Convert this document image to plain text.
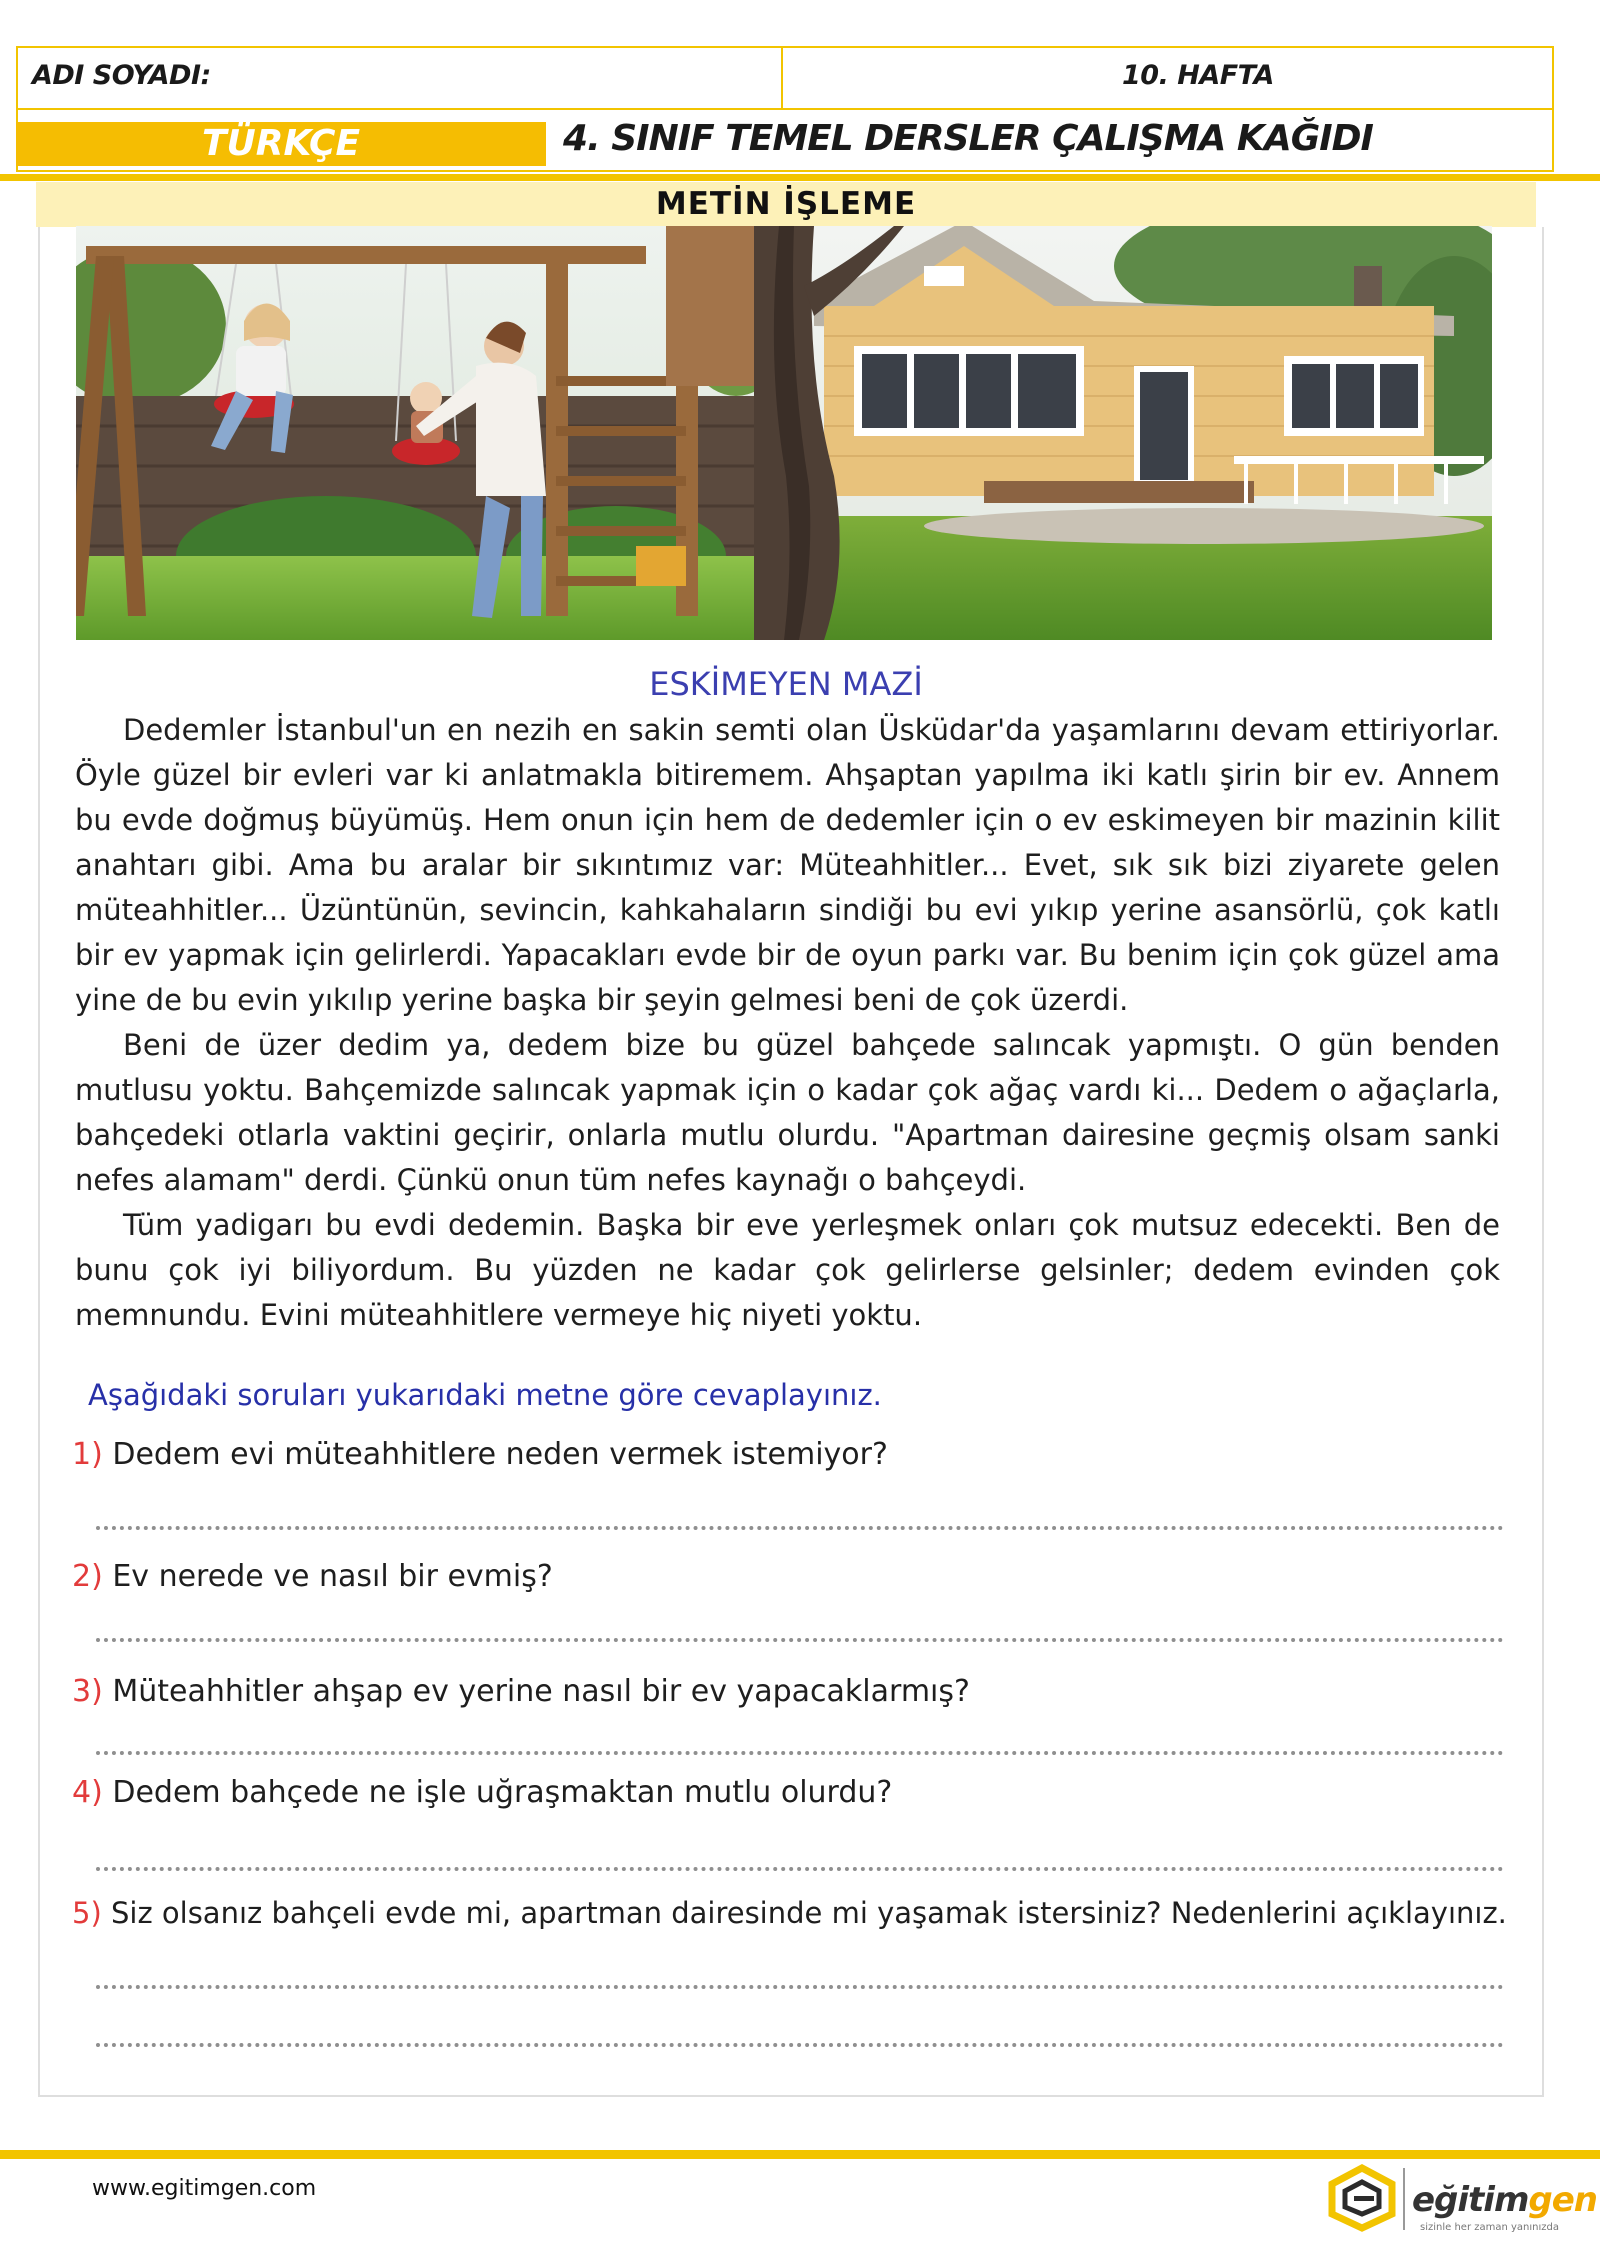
ADI SOYADI:	10. HAFTA
TÜRKÇE	4. SINIF TEMEL DERSLER ÇALIŞMA KAĞIDI
METİN İŞLEME
ESKİMEYEN MAZİ

Dedemler İstanbul'un en nezih en sakin semti olan Üsküdar'da yaşamlarını devam ettiriyorlar. Öyle güzel bir evleri var ki anlatmakla bitiremem. Ahşaptan yapılma iki katlı şirin bir ev. Annem bu evde doğmuş büyümüş. Hem onun için hem de dedemler için o ev eskimeyen bir mazinin kilit anahtarı gibi. Ama bu aralar bir sıkıntımız var: Müteahhitler... Evet, sık sık bizi ziyarete gelen müteahhitler... Üzüntünün, sevincin, kahkahaların sindiği bu evi yıkıp yerine asansörlü, çok katlı bir ev yapmak için gelirlerdi. Yapacakları evde bir de oyun parkı var. Bu benim için çok güzel ama yine de bu evin yıkılıp yerine başka bir şeyin gelmesi beni de çok üzerdi.

Beni de üzer dedim ya, dedem bize bu güzel bahçede salıncak yapmıştı. O gün benden mutlusu yoktu. Bahçemizde salıncak yapmak için o kadar çok ağaç vardı ki... Dedem o ağaçlarla, bahçedeki otlarla vaktini geçirir, onlarla mutlu olurdu. "Apartman dairesine geçmiş olsam sanki nefes alamam" derdi. Çünkü onun tüm nefes kaynağı o bahçeydi.

Tüm yadigarı bu evdi dedemin. Başka bir eve yerleşmek onları çok mutsuz edecekti. Ben de bunu çok iyi biliyordum. Bu yüzden ne kadar çok gelirlerse gelsinler; dedem evinden çok memnundu. Evini müteahhitlere vermeye hiç niyeti yoktu.

Aşağıdaki soruları yukarıdaki metne göre cevaplayınız.
1) Dedem evi müteahhitlere neden vermek istemiyor?
2) Ev nerede ve nasıl bir evmiş?
3) Müteahhitler ahşap ev yerine nasıl bir ev yapacaklarmış?
4) Dedem bahçede ne işle uğraşmaktan mutlu olurdu?
5) Siz olsanız bahçeli evde mi, apartman dairesinde mi yaşamak istersiniz? Nedenlerini açıklayınız.
www.egitimgen.com	eğitimgen
sizinle her zaman yanınızda
